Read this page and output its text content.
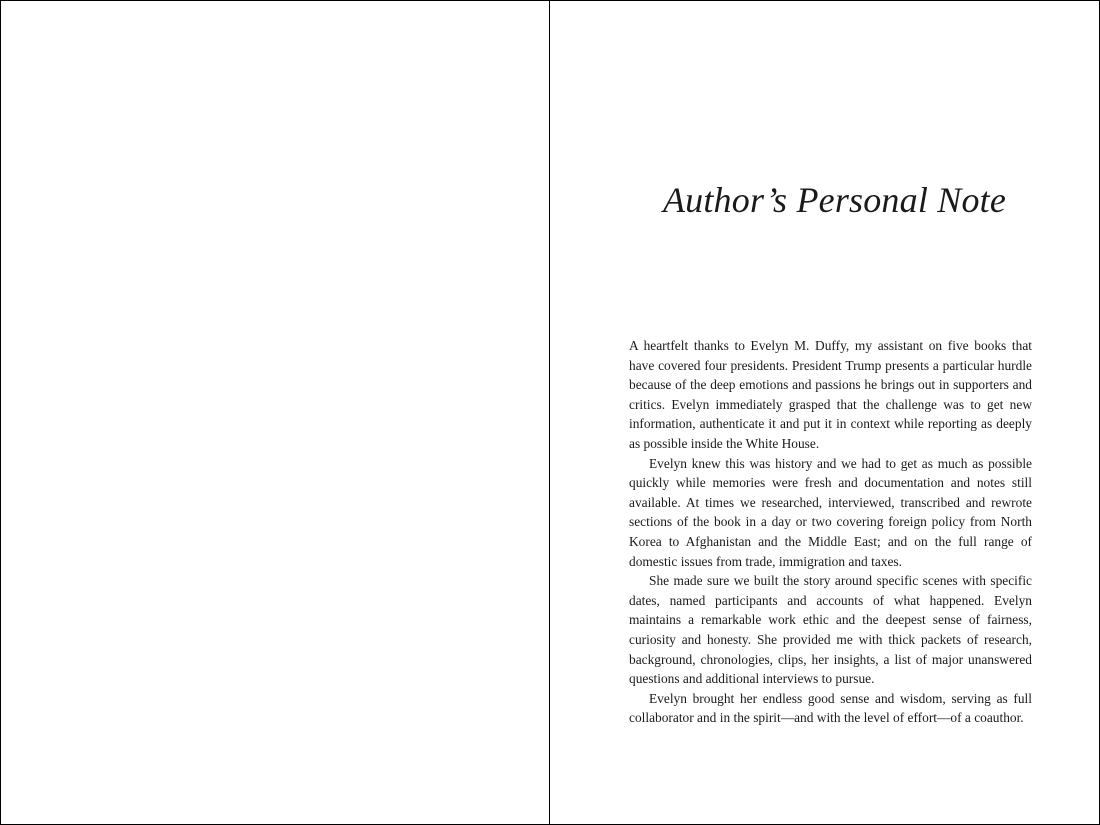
Author’s Personal Note

A heartfelt thanks to Evelyn M. Duffy, my assistant on five books that have covered four presidents. President Trump presents a particular hurdle because of the deep emotions and passions he brings out in supporters and critics. Evelyn immediately grasped that the challenge was to get new information, authenticate it and put it in context while reporting as deeply as possible inside the White House.

Evelyn knew this was history and we had to get as much as possible quickly while memories were fresh and documentation and notes still available. At times we researched, interviewed, transcribed and rewrote sections of the book in a day or two covering foreign policy from North Korea to Afghanistan and the Middle East; and on the full range of domestic issues from trade, immigration and taxes.

She made sure we built the story around specific scenes with specific dates, named participants and accounts of what happened. Evelyn maintains a remarkable work ethic and the deepest sense of fairness, curiosity and honesty. She provided me with thick packets of research, background, chronologies, clips, her insights, a list of major unanswered questions and additional interviews to pursue.

Evelyn brought her endless good sense and wisdom, serving as full collaborator and in the spirit—and with the level of effort—of a coauthor.
